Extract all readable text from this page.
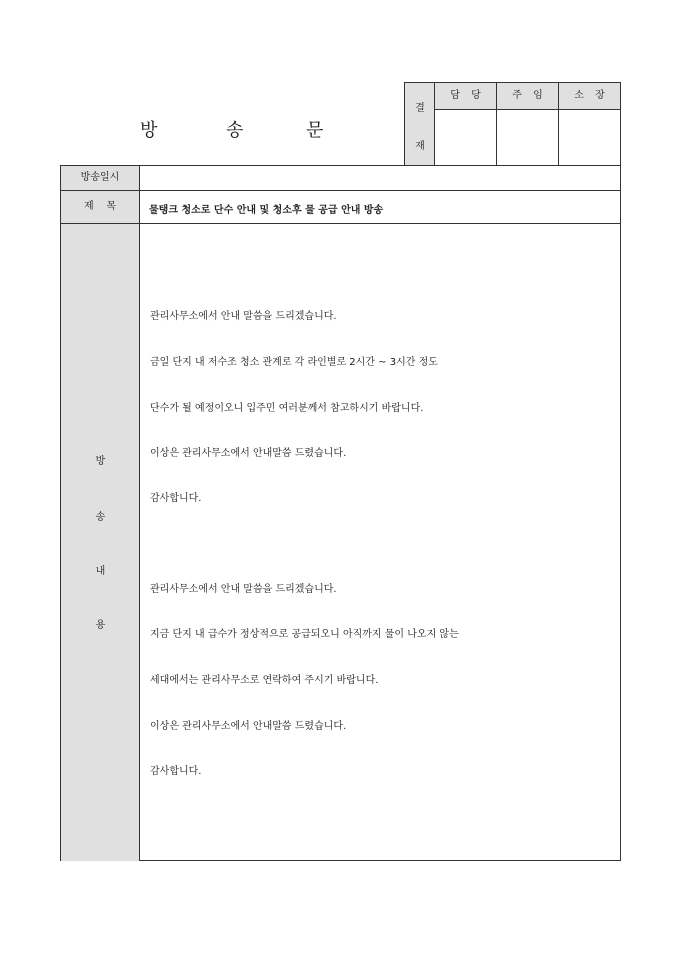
방	송	문
결
재
담 당	주 임	소 장
방송일시
제    목	물탱크 청소로 단수 안내 및 청소후 물 공급 안내 방송
방
송
내
용
관리사무소에서 안내 말씀을 드리겠습니다.
금일 단지 내 저수조 청소 관계로 각 라인별로 2시간 ~ 3시간 정도
단수가 될 예정이오니 입주민 여러분께서 참고하시기 바랍니다.
이상은 관리사무소에서 안내말씀 드렸습니다.
감사합니다.
관리사무소에서 안내 말씀을 드리겠습니다.
지금 단지 내 급수가 정상적으로 공급되오니 아직까지 물이 나오지 않는
세대에서는 관리사무소로 연락하여 주시기 바랍니다.
이상은 관리사무소에서 안내말씀 드렸습니다.
감사합니다.
